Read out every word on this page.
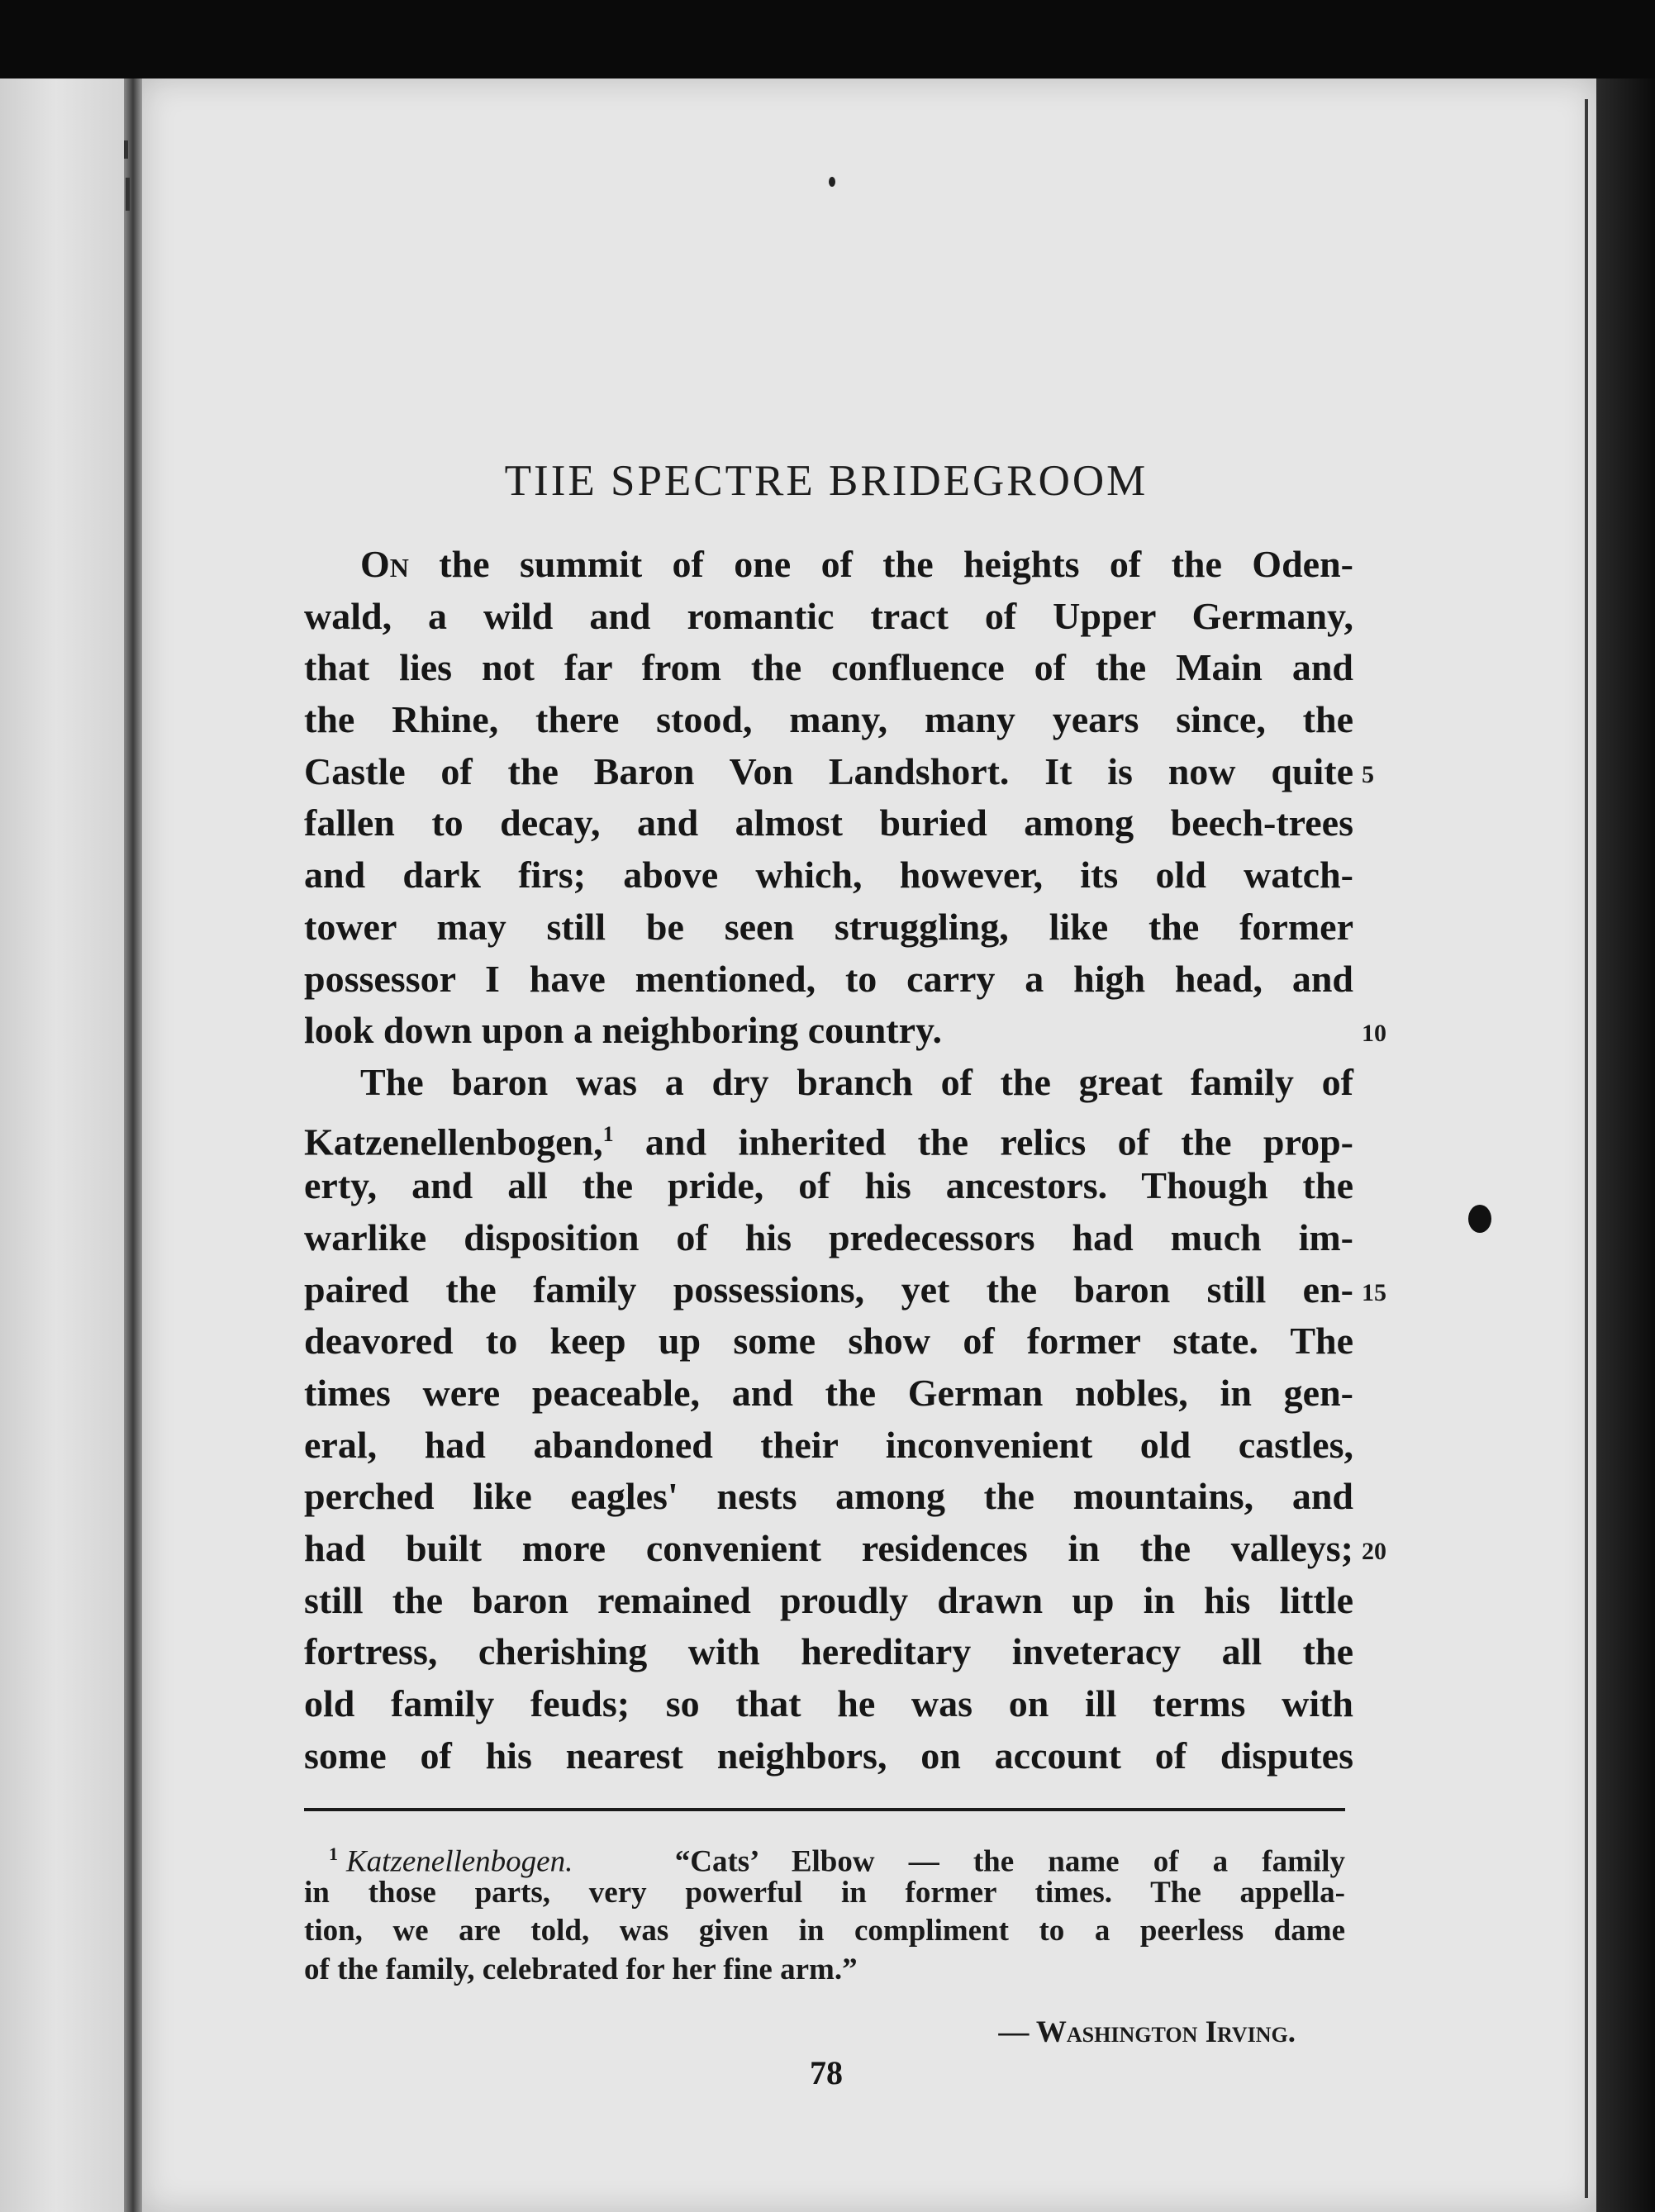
TIIE SPECTRE BRIDEGROOM
On the summit of one of the heights of the Oden-
wald, a wild and romantic tract of Upper Germany,
that lies not far from the confluence of the Main and
the Rhine, there stood, many, many years since, the
Castle of the Baron Von Landshort. It is now quite
fallen to decay, and almost buried among beech-trees
and dark firs; above which, however, its old watch-
tower may still be seen struggling, like the former
possessor I have mentioned, to carry a high head, and
look down upon a neighboring country.
The baron was a dry branch of the great family of
Katzenellenbogen,$^1$ and inherited the relics of the prop-
erty, and all the pride, of his ancestors. Though the
warlike disposition of his predecessors had much im-
paired the family possessions, yet the baron still en-
deavored to keep up some show of former state. The
times were peaceable, and the German nobles, in gen-
eral, had abandoned their inconvenient old castles,
perched like eagles' nests among the mountains, and
had built more convenient residences in the valleys;
still the baron remained proudly drawn up in his little
fortress, cherishing with hereditary inveteracy all the
old family feuds; so that he was on ill terms with
some of his nearest neighbors, on account of disputes
5
10
15
20
$^1$ Katzenellenbogen.	“Cats’ Elbow — the name of a family
in those parts, very powerful in former times. The appella-
tion, we are told, was given in compliment to a peerless dame
of the family, celebrated for her fine arm.”
— Washington Irving.
78
